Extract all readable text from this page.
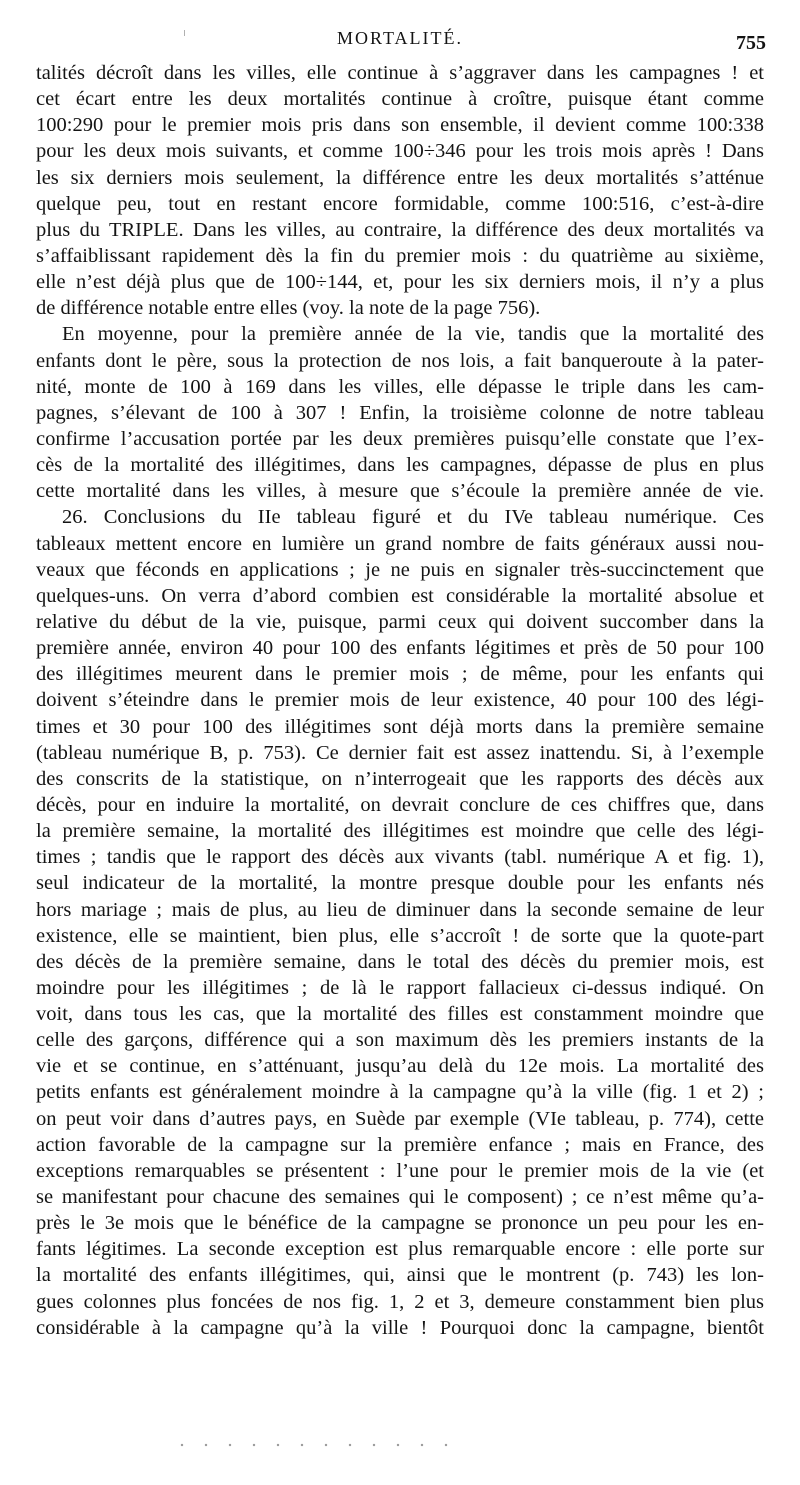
MORTALITÉ.	755
talités décroît dans les villes, elle continue à s’aggraver dans les campagnes ! et
cet écart entre les deux mortalités continue à croître, puisque étant comme
100:290 pour le premier mois pris dans son ensemble, il devient comme 100:338
pour les deux mois suivants, et comme 100÷346 pour les trois mois après ! Dans
les six derniers mois seulement, la différence entre les deux mortalités s’atténue
quelque peu, tout en restant encore formidable, comme 100:516, c’est-à-dire
plus du TRIPLE. Dans les villes, au contraire, la différence des deux mortalités va
s’affaiblissant rapidement dès la fin du premier mois : du quatrième au sixième,
elle n’est déjà plus que de 100÷144, et, pour les six derniers mois, il n’y a plus
de différence notable entre elles (voy. la note de la page 756).
En moyenne, pour la première année de la vie, tandis que la mortalité des
enfants dont le père, sous la protection de nos lois, a fait banqueroute à la pater-
nité, monte de 100 à 169 dans les villes, elle dépasse le triple dans les cam-
pagnes, s’élevant de 100 à 307 ! Enfin, la troisième colonne de notre tableau
confirme l’accusation portée par les deux premières puisqu’elle constate que l’ex-
cès de la mortalité des illégitimes, dans les campagnes, dépasse de plus en plus
cette mortalité dans les villes, à mesure que s’écoule la première année de vie.
26. Conclusions du IIe tableau figuré et du IVe tableau numérique. Ces
tableaux mettent encore en lumière un grand nombre de faits généraux aussi nou-
veaux que féconds en applications ; je ne puis en signaler très-succinctement que
quelques-uns. On verra d’abord combien est considérable la mortalité absolue et
relative du début de la vie, puisque, parmi ceux qui doivent succomber dans la
première année, environ 40 pour 100 des enfants légitimes et près de 50 pour 100
des illégitimes meurent dans le premier mois ; de même, pour les enfants qui
doivent s’éteindre dans le premier mois de leur existence, 40 pour 100 des légi-
times et 30 pour 100 des illégitimes sont déjà morts dans la première semaine
(tableau numérique B, p. 753). Ce dernier fait est assez inattendu. Si, à l’exemple
des conscrits de la statistique, on n’interrogeait que les rapports des décès aux
décès, pour en induire la mortalité, on devrait conclure de ces chiffres que, dans
la première semaine, la mortalité des illégitimes est moindre que celle des légi-
times ; tandis que le rapport des décès aux vivants (tabl. numérique A et fig. 1),
seul indicateur de la mortalité, la montre presque double pour les enfants nés
hors mariage ; mais de plus, au lieu de diminuer dans la seconde semaine de leur
existence, elle se maintient, bien plus, elle s’accroît ! de sorte que la quote-part
des décès de la première semaine, dans le total des décès du premier mois, est
moindre pour les illégitimes ; de là le rapport fallacieux ci-dessus indiqué. On
voit, dans tous les cas, que la mortalité des filles est constamment moindre que
celle des garçons, différence qui a son maximum dès les premiers instants de la
vie et se continue, en s’atténuant, jusqu’au delà du 12e mois. La mortalité des
petits enfants est généralement moindre à la campagne qu’à la ville (fig. 1 et 2) ;
on peut voir dans d’autres pays, en Suède par exemple (VIe tableau, p. 774), cette
action favorable de la campagne sur la première enfance ; mais en France, des
exceptions remarquables se présentent : l’une pour le premier mois de la vie (et
se manifestant pour chacune des semaines qui le composent) ; ce n’est même qu’a-
près le 3e mois que le bénéfice de la campagne se prononce un peu pour les en-
fants légitimes. La seconde exception est plus remarquable encore : elle porte sur
la mortalité des enfants illégitimes, qui, ainsi que le montrent (p. 743) les lon-
gues colonnes plus foncées de nos fig. 1, 2 et 3, demeure constamment bien plus
considérable à la campagne qu’à la ville ! Pourquoi donc la campagne, bientôt
